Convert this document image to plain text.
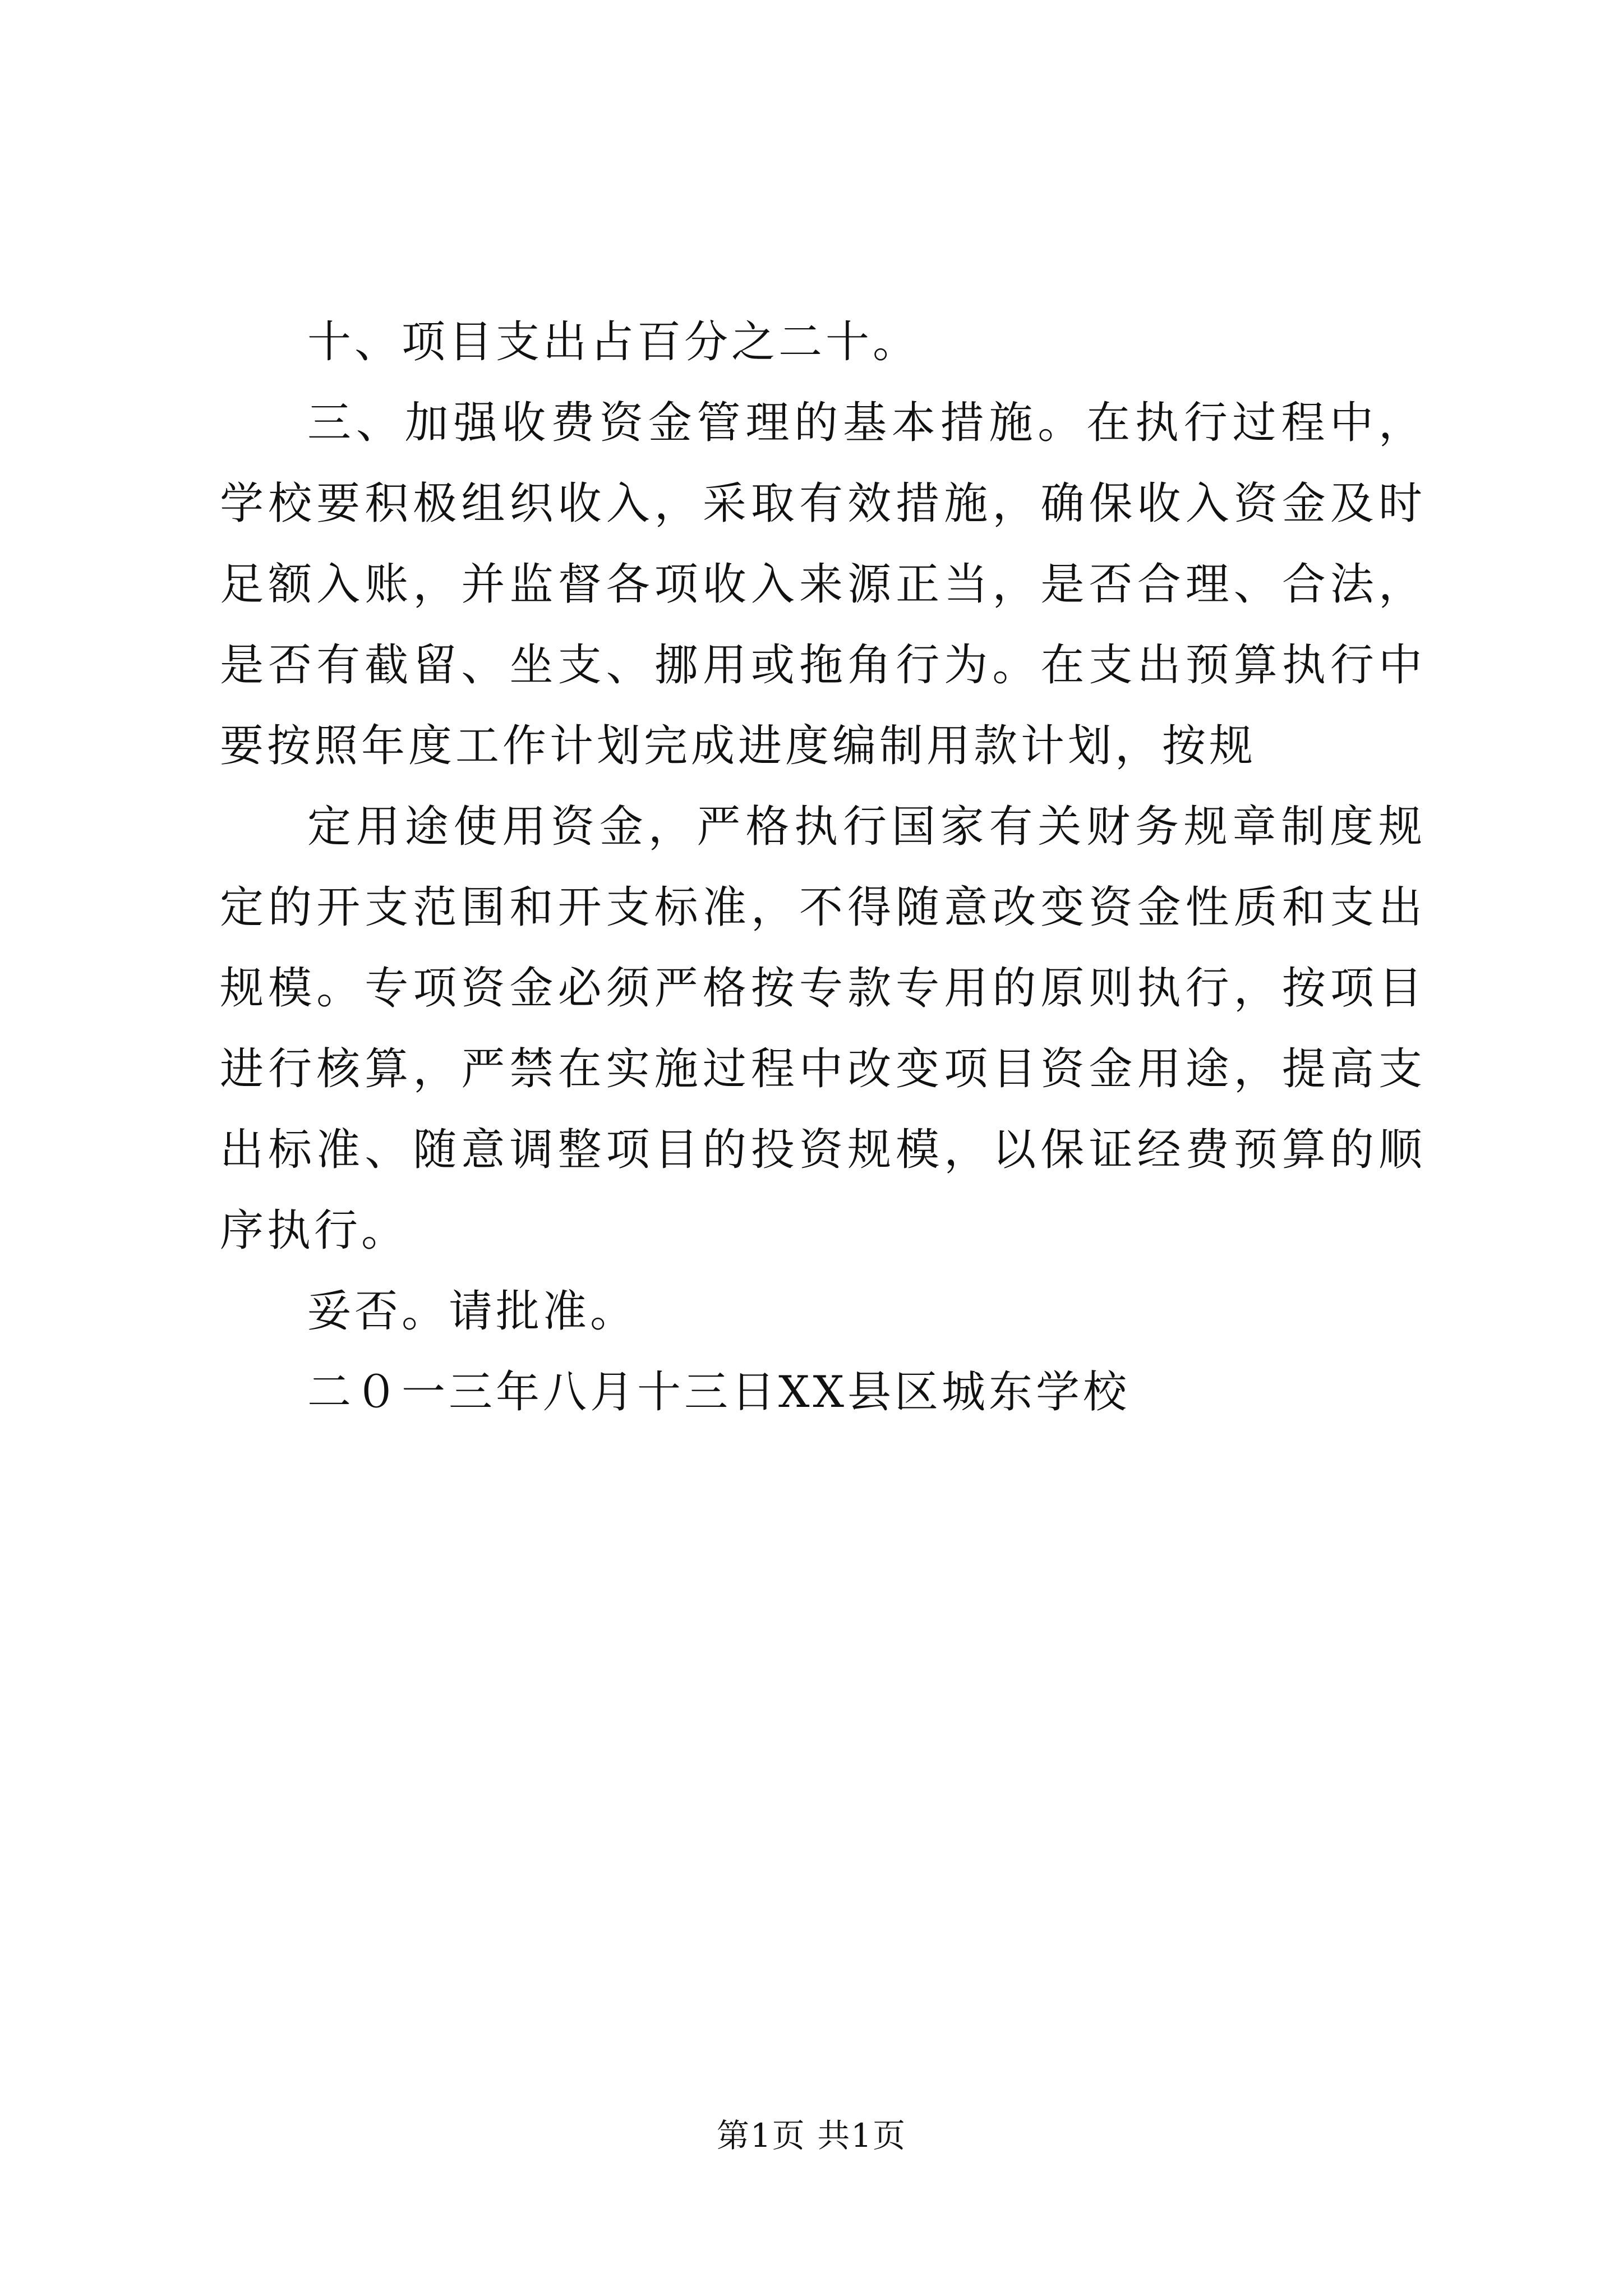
十、项目支出占百分之二十。

三、加强收费资金管理的基本措施。在执行过程中，学校要积极组织收入，采取有效措施，确保收入资金及时足额入账，并监督各项收入来源正当，是否合理、合法，是否有截留、坐支、挪用或拖角行为。在支出预算执行中要按照年度工作计划完成进度编制用款计划，按规

定用途使用资金，严格执行国家有关财务规章制度规定的开支范围和开支标准，不得随意改变资金性质和支出规模。专项资金必须严格按专款专用的原则执行，按项目进行核算，严禁在实施过程中改变项目资金用途，提高支出标准、随意调整项目的投资规模，以保证经费预算的顺序执行。

妥否。请批准。

二０一三年八月十三日XX县区城东学校

第1页 共1页
